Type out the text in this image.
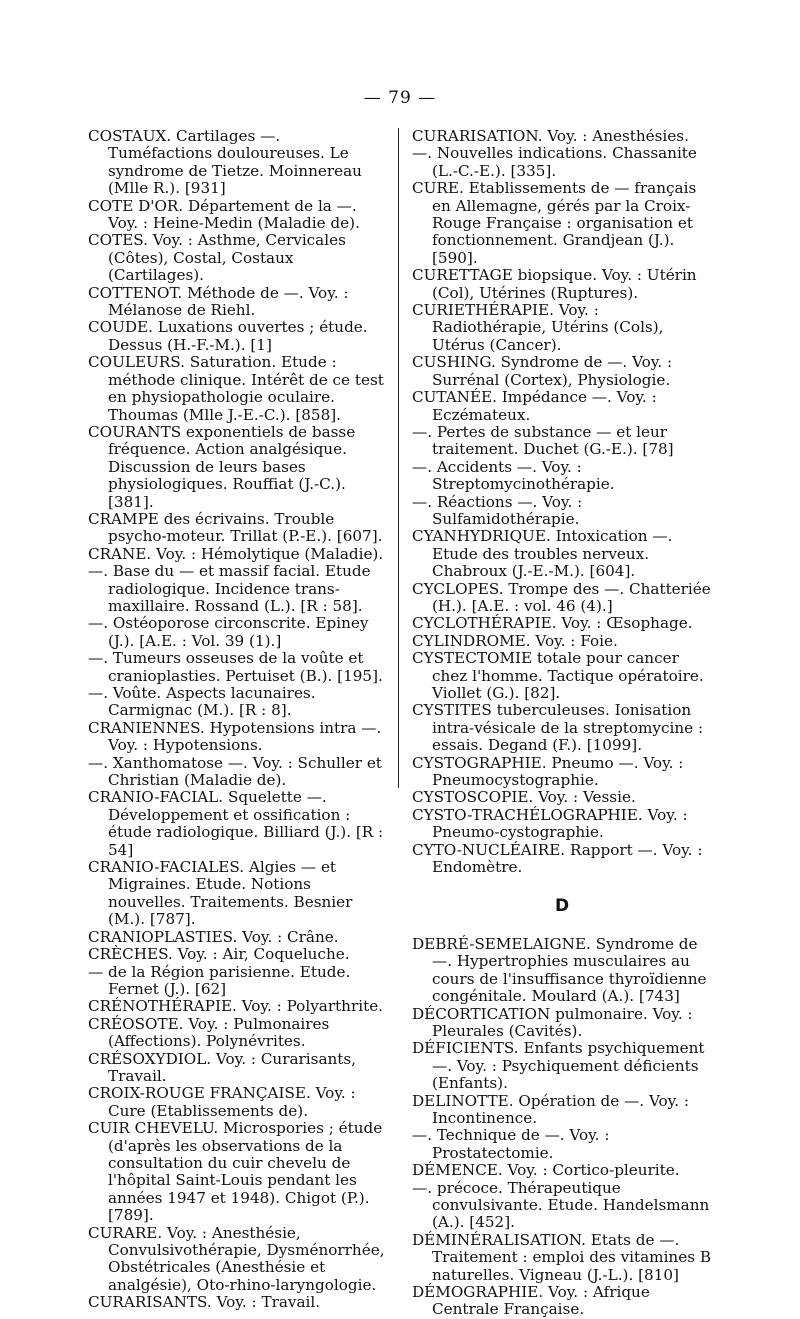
— 79 —

COSTAUX. Cartilages —. Tuméfactions douloureuses. Le syndrome de Tietze. Moinnereau (Mlle R.). [931]

COTE D'OR. Département de la —. Voy. : Heine-Medin (Maladie de).

COTES. Voy. : Asthme, Cervicales (Côtes), Costal, Costaux (Cartilages).

COTTENOT. Méthode de —. Voy. : Mélanose de Riehl.

COUDE. Luxations ouvertes ; étude. Dessus (H.-F.-M.). [1]

COULEURS. Saturation. Etude : méthode clinique. Intérêt de ce test en physiopathologie oculaire. Thoumas (Mlle J.-E.-C.). [858].

COURANTS exponentiels de basse fréquence. Action analgésique. Discussion de leurs bases physiologiques. Rouffiat (J.-C.). [381].

CRAMPE des écrivains. Trouble psycho-moteur. Trillat (P.-E.). [607].

CRANE. Voy. : Hémolytique (Maladie).

—. Base du — et massif facial. Etude radiologique. Incidence trans-maxillaire. Rossand (L.). [R : 58].

—. Ostéoporose circonscrite. Epiney (J.). [A.E. : Vol. 39 (1).]

—. Tumeurs osseuses de la voûte et cranioplasties. Pertuiset (B.). [195].

—. Voûte. Aspects lacunaires. Carmignac (M.). [R : 8].

CRANIENNES. Hypotensions intra —. Voy. : Hypotensions.

—. Xanthomatose —. Voy. : Schuller et Christian (Maladie de).

CRANIO-FACIAL. Squelette —. Développement et ossification : étude radiologique. Billiard (J.). [R : 54]

CRANIO-FACIALES. Algies — et Migraines. Etude. Notions nouvelles. Traitements. Besnier (M.). [787].

CRANIOPLASTIES. Voy. : Crâne.

CRÈCHES. Voy. : Air, Coqueluche.

— de la Région parisienne. Etude. Fernet (J.). [62]

CRÉNOTHÉRAPIE. Voy. : Polyarthrite.

CRÉOSOTE. Voy. : Pulmonaires (Affections). Polynévrites.

CRÉSOXYDIOL. Voy. : Curarisants, Travail.

CROIX-ROUGE FRANÇAISE. Voy. : Cure (Etablissements de).

CUIR CHEVELU. Microspories ; étude (d'après les observations de la consultation du cuir chevelu de l'hôpital Saint-Louis pendant les années 1947 et 1948). Chigot (P.). [789].

CURARE. Voy. : Anesthésie, Convulsivothérapie, Dysménorrhée, Obstétricales (Anesthésie et analgésie), Oto-rhino-laryngologie.

CURARISANTS. Voy. : Travail.

CURARISATION. Voy. : Anesthésies.

—. Nouvelles indications. Chassanite (L.-C.-E.). [335].

CURE. Etablissements de — français en Allemagne, gérés par la Croix-Rouge Française : organisation et fonctionnement. Grandjean (J.). [590].

CURETTAGE biopsique. Voy. : Utérin (Col), Utérines (Ruptures).

CURIETHÉRAPIE. Voy. : Radiothérapie, Utérins (Cols), Utérus (Cancer).

CUSHING. Syndrome de —. Voy. : Surrénal (Cortex), Physiologie.

CUTANÉE. Impédance —. Voy. : Eczémateux.

—. Pertes de substance — et leur traitement. Duchet (G.-E.). [78]

—. Accidents —. Voy. : Streptomycinothérapie.

—. Réactions —. Voy. : Sulfamidothérapie.

CYANHYDRIQUE. Intoxication —. Etude des troubles nerveux. Chabroux (J.-E.-M.). [604].

CYCLOPES. Trompe des —. Chatteriée (H.). [A.E. : vol. 46 (4).]

CYCLOTHÉRAPIE. Voy. : Œsophage.

CYLINDROME. Voy. : Foie.

CYSTECTOMIE totale pour cancer chez l'homme. Tactique opératoire. Viollet (G.). [82].

CYSTITES tuberculeuses. Ionisation intra-vésicale de la streptomycine : essais. Degand (F.). [1099].

CYSTOGRAPHIE. Pneumo —. Voy. : Pneumocystographie.

CYSTOSCOPIE. Voy. : Vessie.

CYSTO-TRACHÉLOGRAPHIE. Voy. : Pneumo-cystographie.

CYTO-NUCLÉAIRE. Rapport —. Voy. : Endomètre.

D

DEBRÉ-SEMELAIGNE. Syndrome de —. Hypertrophies musculaires au cours de l'insuffisance thyroïdienne congénitale. Moulard (A.). [743]

DÉCORTICATION pulmonaire. Voy. : Pleurales (Cavités).

DÉFICIENTS. Enfants psychiquement —. Voy. : Psychiquement déficients (Enfants).

DELINOTTE. Opération de —. Voy. : Incontinence.

—. Technique de —. Voy. : Prostatectomie.

DÉMENCE. Voy. : Cortico-pleurite.

—. précoce. Thérapeutique convulsivante. Etude. Handelsmann (A.). [452].

DÉMINÉRALISATION. Etats de —. Traitement : emploi des vitamines B naturelles. Vigneau (J.-L.). [810]

DÉMOGRAPHIE. Voy. : Afrique Centrale Française.
